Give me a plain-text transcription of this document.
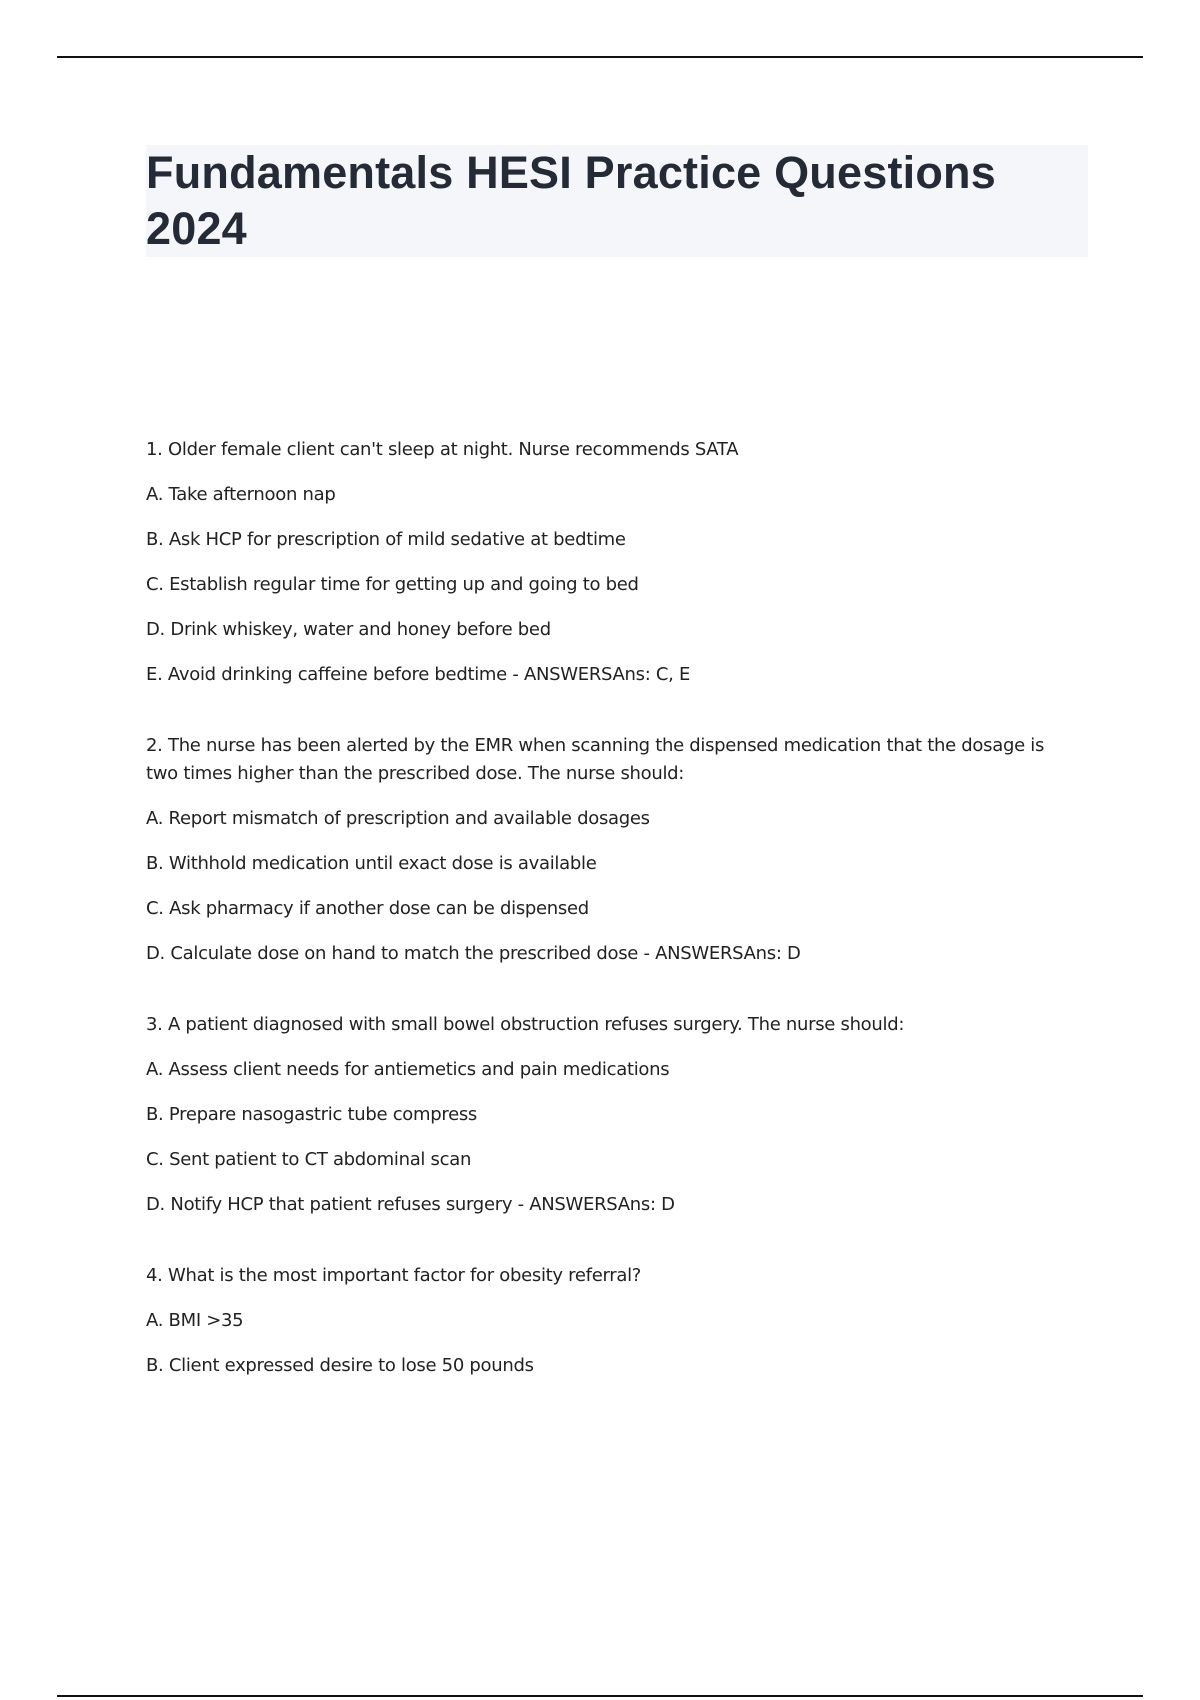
Fundamentals HESI Practice Questions 2024

1. Older female client can't sleep at night. Nurse recommends SATA

A. Take afternoon nap

B. Ask HCP for prescription of mild sedative at bedtime

C. Establish regular time for getting up and going to bed

D. Drink whiskey, water and honey before bed

E. Avoid drinking caffeine before bedtime - ANSWERSAns: C, E

2. The nurse has been alerted by the EMR when scanning the dispensed medication that the dosage is two times higher than the prescribed dose. The nurse should:

A. Report mismatch of prescription and available dosages

B. Withhold medication until exact dose is available

C. Ask pharmacy if another dose can be dispensed

D. Calculate dose on hand to match the prescribed dose - ANSWERSAns: D

3. A patient diagnosed with small bowel obstruction refuses surgery. The nurse should:

A. Assess client needs for antiemetics and pain medications

B. Prepare nasogastric tube compress

C. Sent patient to CT abdominal scan

D. Notify HCP that patient refuses surgery - ANSWERSAns: D

4. What is the most important factor for obesity referral?

A. BMI >35

B. Client expressed desire to lose 50 pounds
